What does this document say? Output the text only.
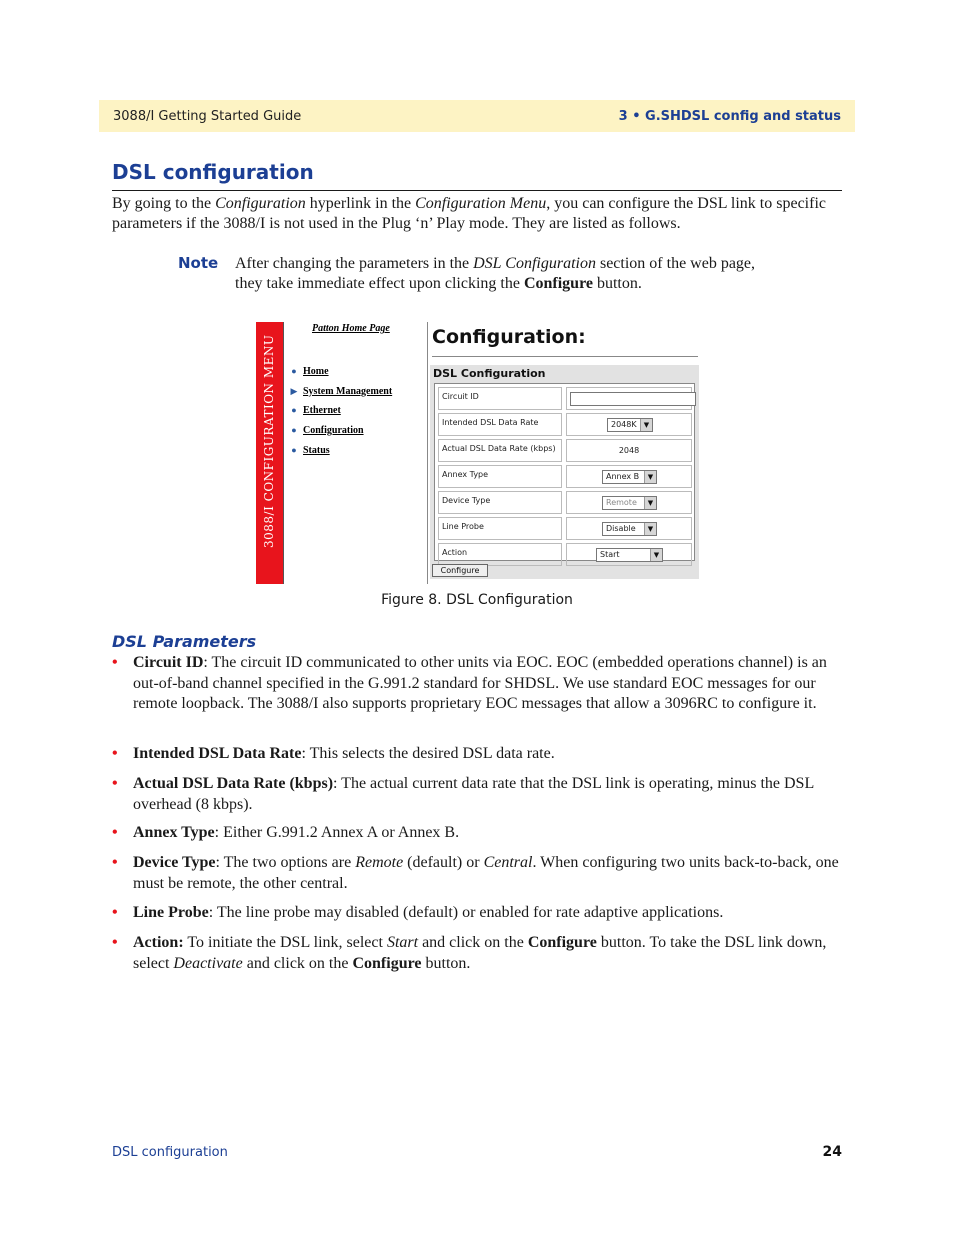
3088/I Getting Started Guide	3 • G.SHDSL config and status
DSL configuration
By going to the Configuration hyperlink in the Configuration Menu, you can configure the DSL link to specific parameters if the 3088/I is not used in the Plug ‘n’ Play mode. They are listed as follows.
Note After changing the parameters in the DSL Configuration section of the web page, they take immediate effect upon clicking the Configure button.
3088/I CONFIGURATION MENU
Patton Home Page
● Home
▶ System Management
● Ethernet
● Configuration
● Status
Configuration:
DSL Configuration
Circuit ID
Intended DSL Data Rate	2048K	▼
Actual DSL Data Rate (kbps)	2048
Annex Type	Annex B	▼
Device Type	Remote	▼
Line Probe	Disable	▼
Action	Start	▼
Configure
Figure 8. DSL Configuration
DSL Parameters
• Circuit ID: The circuit ID communicated to other units via EOC. EOC (embedded operations channel) is an out-of-band channel specified in the G.991.2 standard for SHDSL. We use standard EOC messages for our remote loopback. The 3088/I also supports proprietary EOC messages that allow a 3096RC to configure it.
• Intended DSL Data Rate: This selects the desired DSL data rate.
• Actual DSL Data Rate (kbps): The actual current data rate that the DSL link is operating, minus the DSL overhead (8 kbps).
• Annex Type: Either G.991.2 Annex A or Annex B.
• Device Type: The two options are Remote (default) or Central. When configuring two units back-to-back, one must be remote, the other central.
• Line Probe: The line probe may disabled (default) or enabled for rate adaptive applications.
• Action: To initiate the DSL link, select Start and click on the Configure button. To take the DSL link down, select Deactivate and click on the Configure button.
DSL configuration	24
